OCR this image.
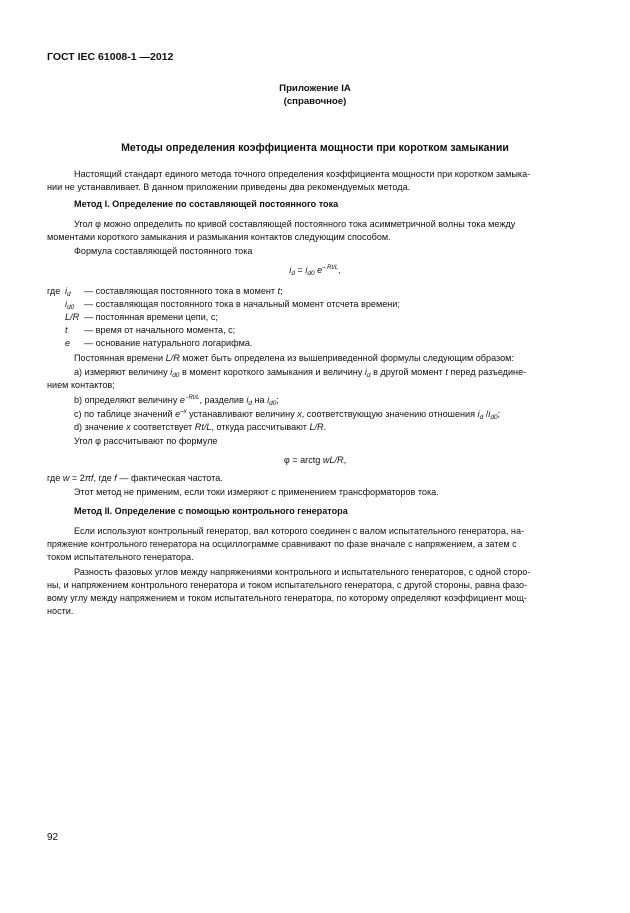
ГОСТ IEC 61008-1 —2012
Приложение IA
(справочное)
Методы определения коэффициента мощности при коротком замыкании
Настоящий стандарт единого метода точного определения коэффициента мощности при коротком замыка-
нии не устанавливает. В данном приложении приведены два рекомендуемых метода.
Метод I. Определение по составляющей постоянного тока
Угол φ можно определить по кривой составляющей постоянного тока асимметричной волны тока между
моментами короткого замыкания и размыкания контактов следующим способом.
Формула составляющей постоянного тока
$i_d = i_{d0}$ $e^{- Rt/L}$,
где $i_d$ — составляющая постоянного тока в момент t;
$i_{d0}$ — составляющая постоянного тока в начальный момент отсчета времени;
L/R — постоянная времени цепи, с;
t — время от начального момента, с;
e — основание натурального логарифма.
Постоянная времени L/R может быть определена из вышеприведенной формулы следующим образом:
а) измеряют величину $i_{d0}$ в момент короткого замыкания и величину $i_d$ в другой момент t перед разъедине-
нием контактов;
b) определяют величину $e^{-Rt/L}$, разделив $i_d$ на $i_{d0}$;
c) по таблице значений $e^{-x}$ устанавливают величину x, соответствующую значению отношения $i_d$ $/i_{d0}$;
d) значение x соответствует Rt/L, откуда рассчитывают L/R.
Угол φ рассчитывают по формуле
φ = arctg wL/R,
где w = 2πf, где f — фактическая частота.
Этот метод не применим, если токи измеряют с применением трансформаторов тока.
Метод II. Определение с помощью контрольного генератора
Если используют контрольный генератор, вал которого соединен с валом испытательного генератора, на-
пряжение контрольного генератора на осциллограмме сравнивают по фазе вначале с напряжением, а затем с
током испытательного генератора.
Разность фазовых углов между напряжениями контрольного и испытательного генераторов, с одной сторо-
ны, и напряжением контрольного генератора и током испытательного генератора, с другой стороны, равна фазо-
вому углу между напряжением и током испытательного генератора, по которому определяют коэффициент мощ-
ности.
92
